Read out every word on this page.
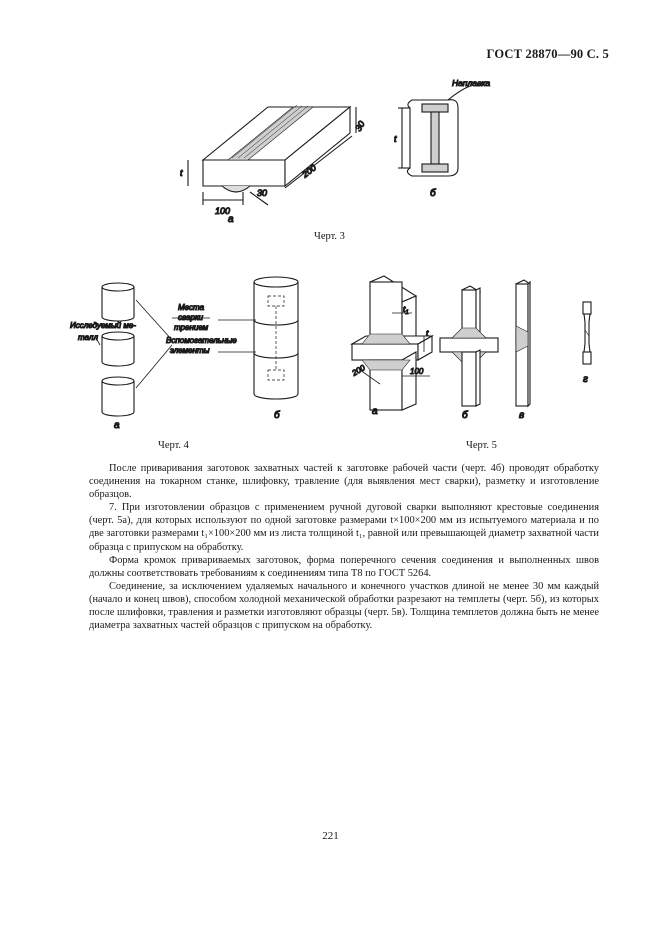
ГОСТ 28870—90 С. 5
100
30
200
30
t
а
Наплавка
t
б
Исследуемый ме-
талл
а
Места
сварки
трением
Вспомогательные
элементы
б
$t_1$
t
200	100
а	б	в
г
Черт. 3
Черт. 4	Черт. 5

После приваривания заготовок захватных частей к заготовке рабочей части (черт. 4б) проводят обработку соединения на токарном станке, шлифовку, травление (для выявления мест сварки), разметку и изготовление образцов.

7. При изготовлении образцов с применением ручной дуговой сварки выполняют крестовые соединения (черт. 5а), для которых используют по одной заготовке размерами t×100×200 мм из испытуемого материала и по две заготовки размерами t₁×100×200 мм из листа толщиной t₁, равной или превышающей диаметр захватной части образца с припуском на обработку.

Форма кромок привариваемых заготовок, форма поперечного сечения соединения и выполненных швов должны соответствовать требованиям к соединениям типа Т8 по ГОСТ 5264.

Соединение, за исключением удаляемых начального и конечного участков длиной не менее 30 мм каждый (начало и конец швов), способом холодной механической обработки разрезают на темплеты (черт. 5б), из которых после шлифовки, травления и разметки изготовляют образцы (черт. 5в). Толщина темплетов должна быть не менее диаметра захватных частей образцов с припуском на обработку.

221
